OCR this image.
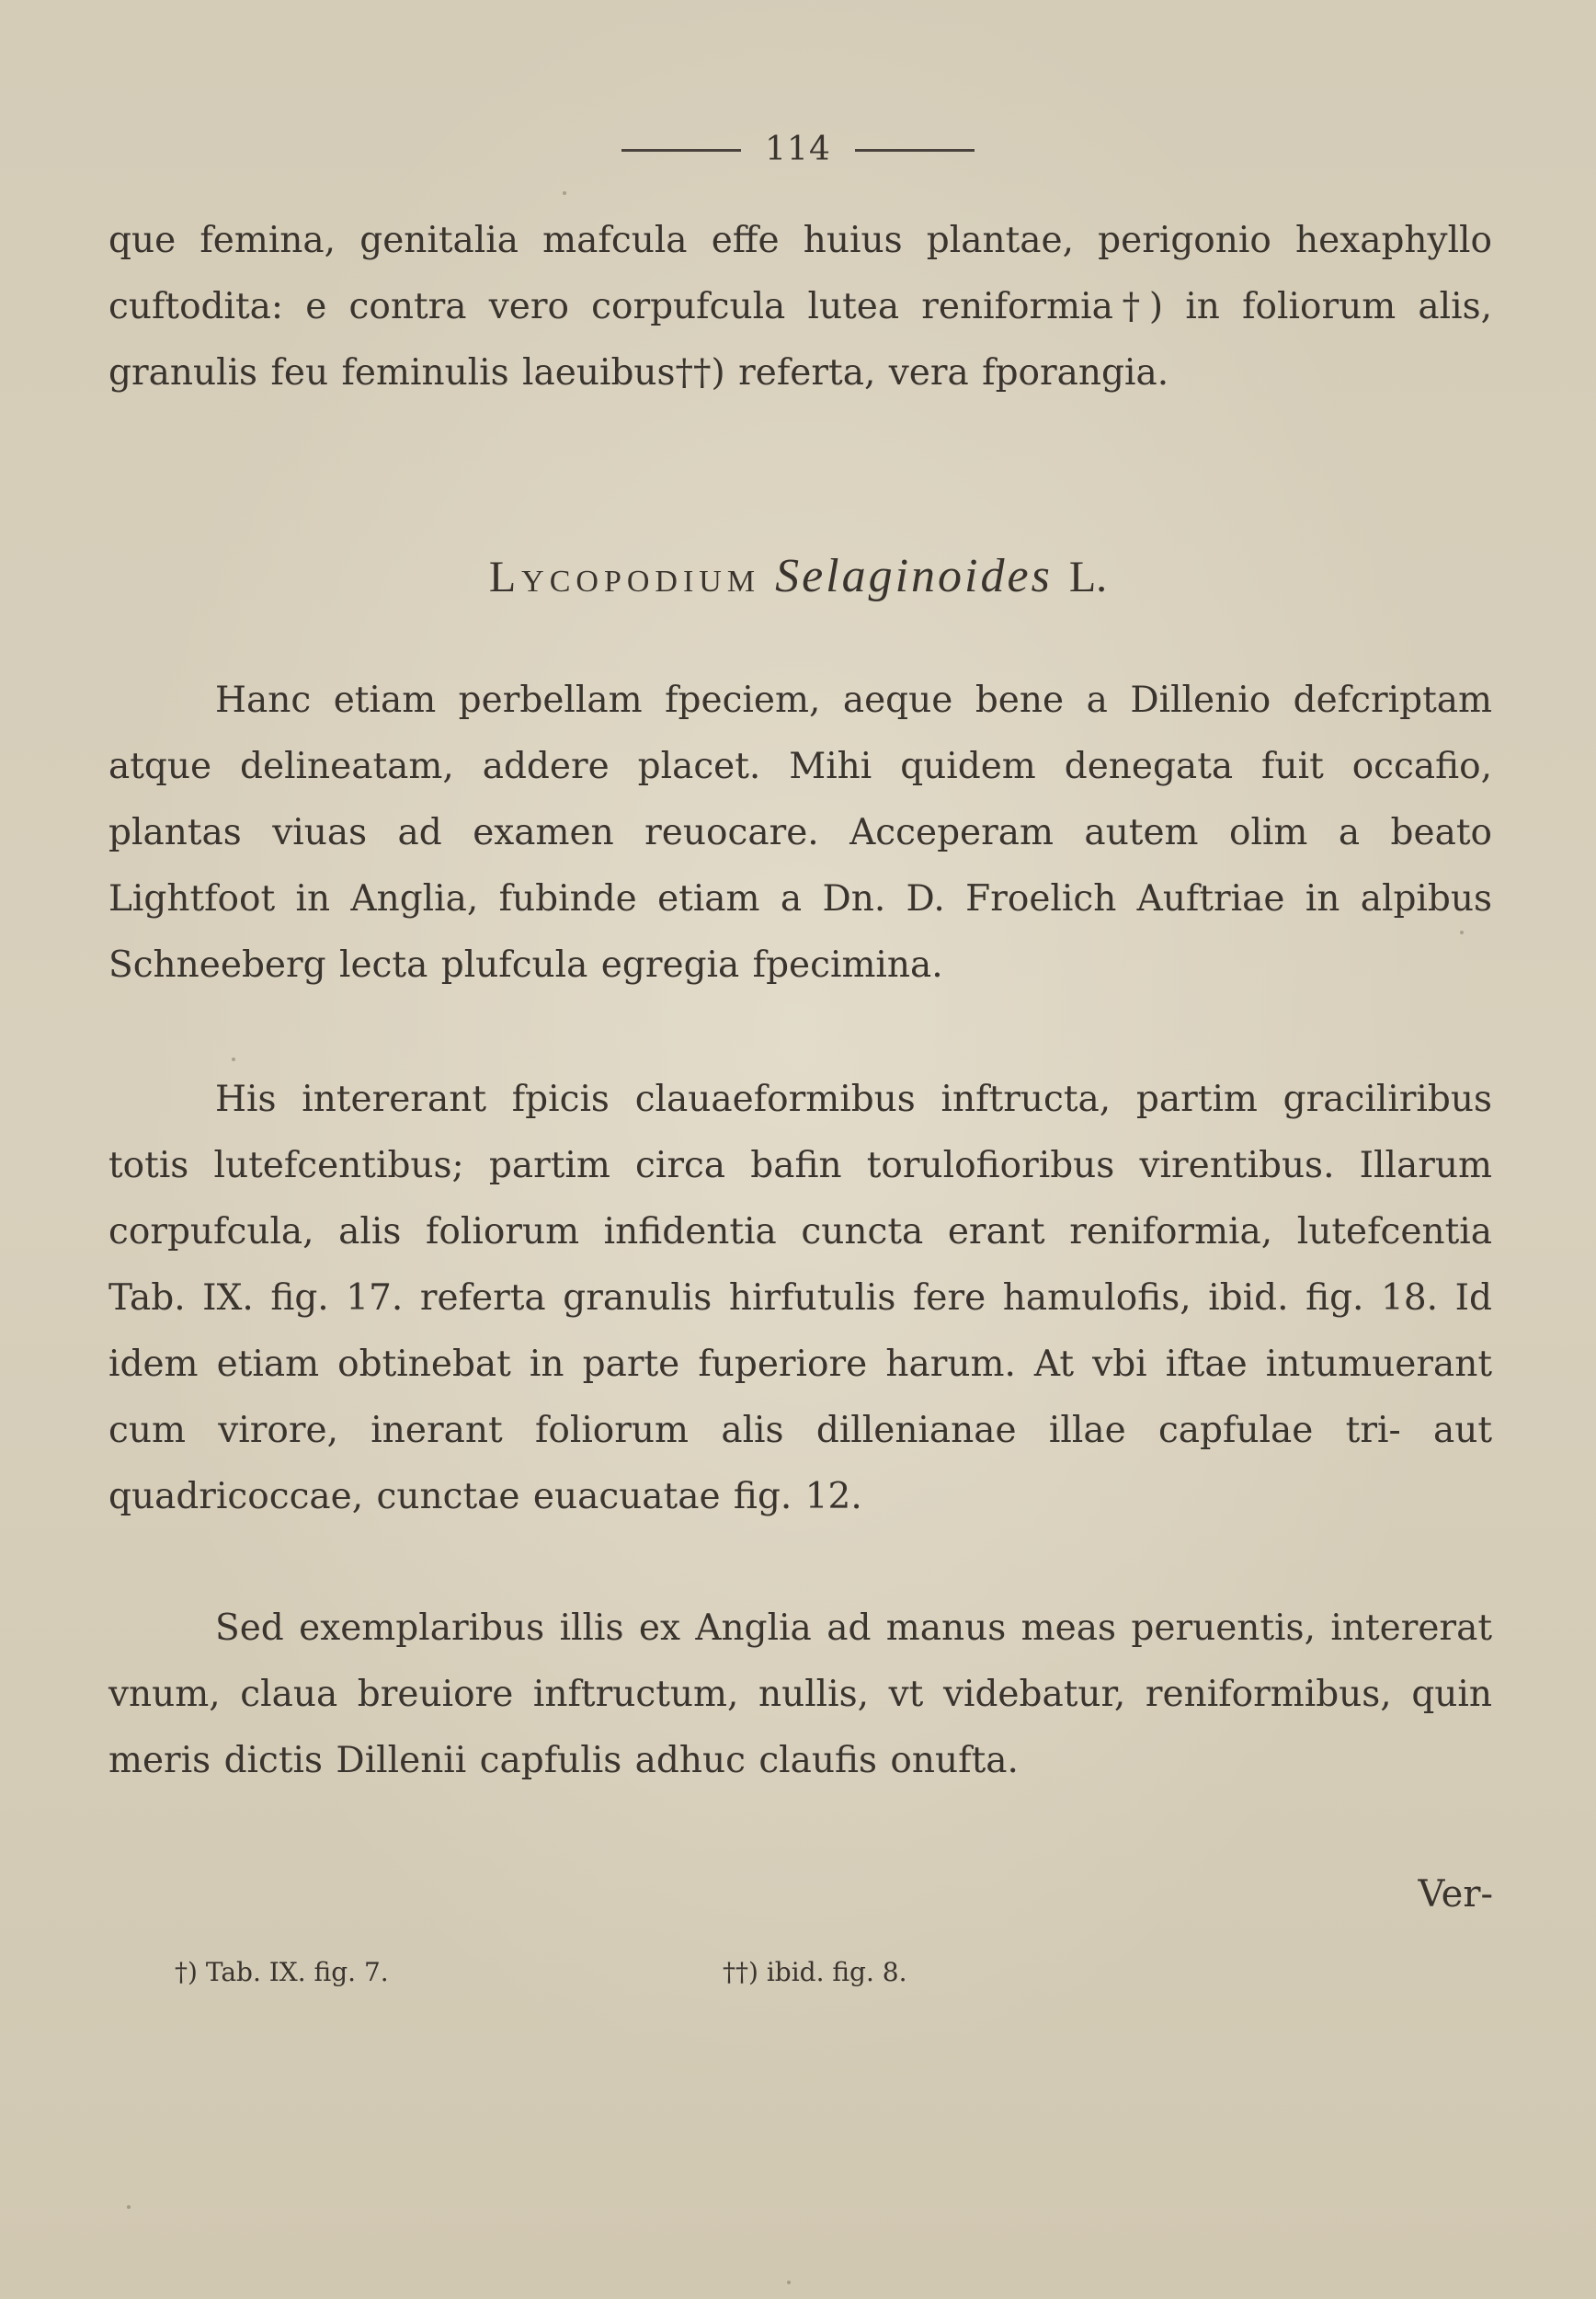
114

que femina, genitalia mafcula effe huius plantae, perigonio hexaphyllo cuftodita: e contra vero corpufcula lutea reniformia†) in foliorum alis, granulis feu feminulis laeuibus††) referta, vera fporangia.

Lycopodium Selaginoides L.

Hanc etiam perbellam fpeciem, aeque bene a Dillenio defcriptam atque delineatam, addere placet. Mihi quidem denegata fuit occafio, plantas viuas ad examen reuocare. Acceperam autem olim a beato Lightfoot in Anglia, fubinde etiam a Dn. D. Froelich Auftriae in alpibus Schneeberg lecta plufcula egregia fpecimina.

His intererant fpicis clauaeformibus inftructa, partim graciliribus totis lutefcentibus; partim circa bafin torulofioribus virentibus. Illarum corpufcula, alis foliorum infidentia cuncta erant reniformia, lutefcentia Tab. IX. fig. 17. referta granulis hirfutulis fere hamulofis, ibid. fig. 18. Id idem etiam obtinebat in parte fuperiore harum. At vbi iftae intumuerant cum virore, inerant foliorum alis dillenianae illae capfulae tri- aut quadricoccae, cunctae euacuatae fig. 12.

Sed exemplaribus illis ex Anglia ad manus meas peruentis, intererat vnum, claua breuiore inftructum, nullis, vt videbatur, reniformibus, quin meris dictis Dillenii capfulis adhuc claufis onufta.

Ver-
†) Tab. IX. fig. 7.	††) ibid. fig. 8.
